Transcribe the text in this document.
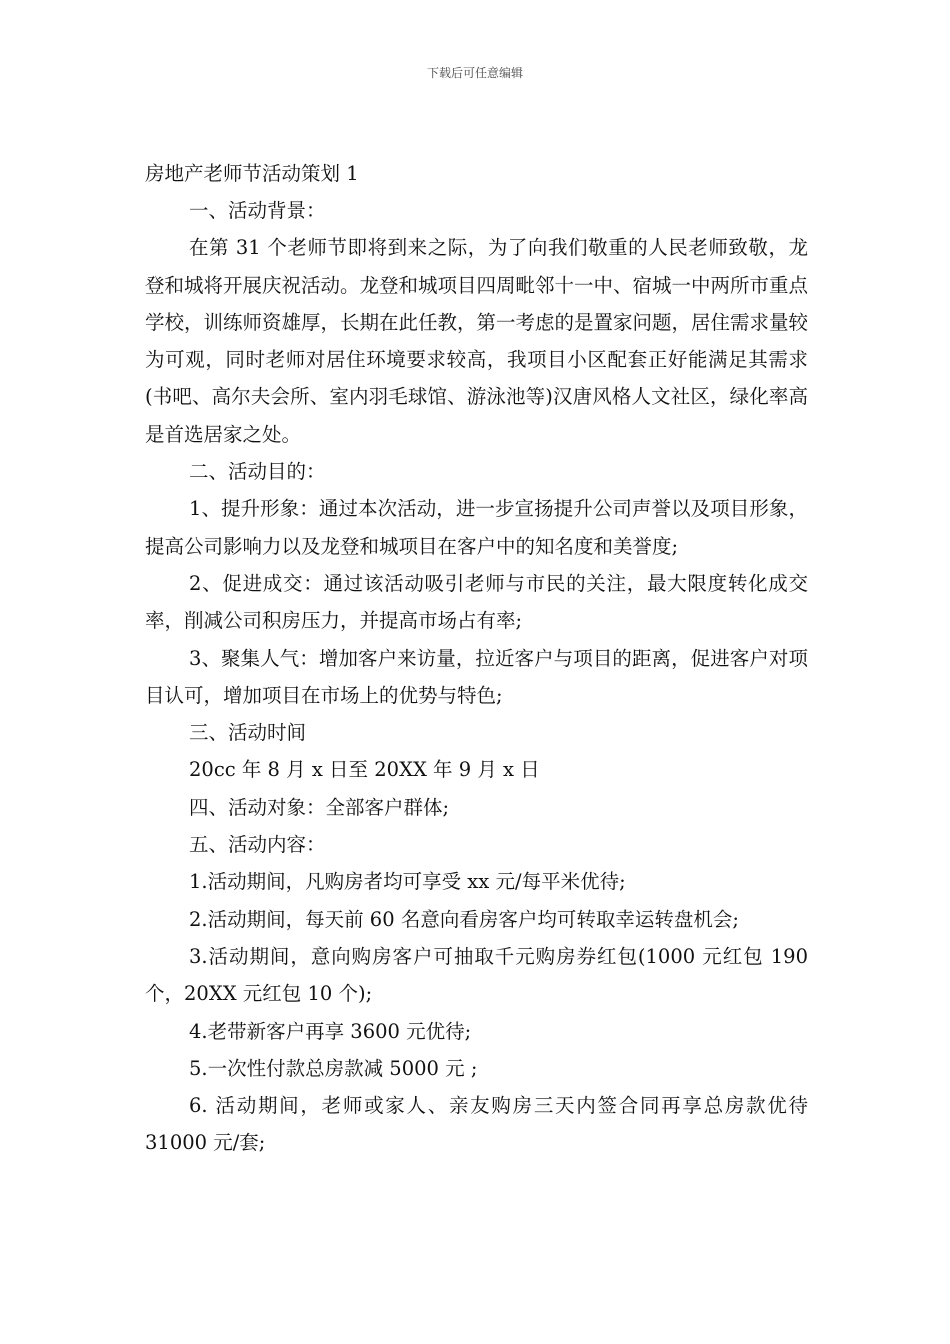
下载后可任意编辑

房地产老师节活动策划 1

一、活动背景：

在第 31 个老师节即将到来之际，为了向我们敬重的人民老师致敬，龙登和城将开展庆祝活动。龙登和城项目四周毗邻十一中、宿城一中两所市重点学校，训练师资雄厚，长期在此任教，第一考虑的是置家问题，居住需求量较为可观，同时老师对居住环境要求较高，我项目小区配套正好能满足其需求(书吧、高尔夫会所、室内羽毛球馆、游泳池等)汉唐风格人文社区，绿化率高是首选居家之处。

二、活动目的：

1、提升形象：通过本次活动，进一步宣扬提升公司声誉以及项目形象，提高公司影响力以及龙登和城项目在客户中的知名度和美誉度;

2、促进成交：通过该活动吸引老师与市民的关注，最大限度转化成交率，削减公司积房压力，并提高市场占有率;

3、聚集人气：增加客户来访量，拉近客户与项目的距离，促进客户对项目认可，增加项目在市场上的优势与特色;

三、活动时间

20cc 年 8 月 x 日至 20XX 年 9 月 x 日

四、活动对象：全部客户群体;

五、活动内容：

1.活动期间，凡购房者均可享受 xx 元/每平米优待;

2.活动期间，每天前 60 名意向看房客户均可转取幸运转盘机会;

3.活动期间，意向购房客户可抽取千元购房券红包(1000 元红包 190 个，20XX 元红包 10 个);

4.老带新客户再享 3600 元优待;

5.一次性付款总房款减 5000 元 ;

6. 活动期间，老师或家人、亲友购房三天内签合同再享总房款优待 31000 元/套;
